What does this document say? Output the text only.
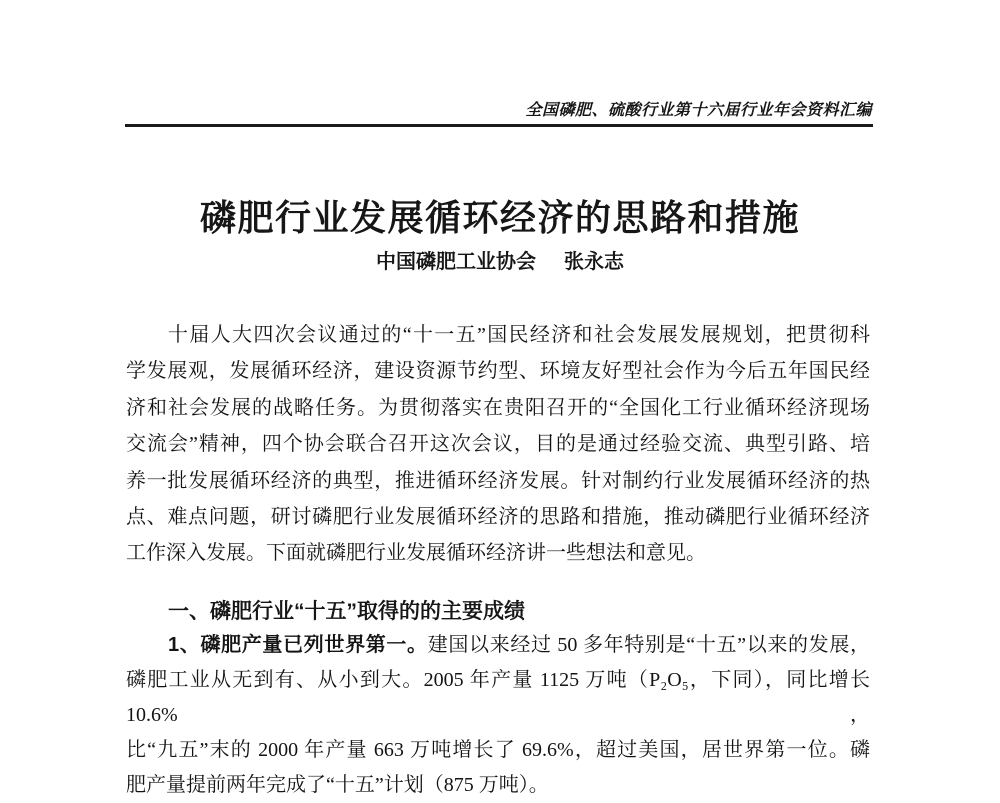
全国磷肥、硫酸行业第十六届行业年会资料汇编
磷肥行业发展循环经济的思路和措施
中国磷肥工业协会 张永志
十届人大四次会议通过的“十一五”国民经济和社会发展发展规划，把贯彻科
学发展观，发展循环经济，建设资源节约型、环境友好型社会作为今后五年国民经
济和社会发展的战略任务。为贯彻落实在贵阳召开的“全国化工行业循环经济现场
交流会”精神，四个协会联合召开这次会议，目的是通过经验交流、典型引路、培
养一批发展循环经济的典型，推进循环经济发展。针对制约行业发展循环经济的热
点、难点问题，研讨磷肥行业发展循环经济的思路和措施，推动磷肥行业循环经济
工作深入发展。下面就磷肥行业发展循环经济讲一些想法和意见。
一、磷肥行业“十五”取得的的主要成绩
1、磷肥产量已列世界第一。建国以来经过 50 多年特别是“十五”以来的发展，
磷肥工业从无到有、从小到大。2005 年产量 1125 万吨（P₂O₅，下同），同比增长 10.6%，
比“九五”末的 2000 年产量 663 万吨增长了 69.6%，超过美国，居世界第一位。磷
肥产量提前两年完成了“十五”计划（875 万吨）。
